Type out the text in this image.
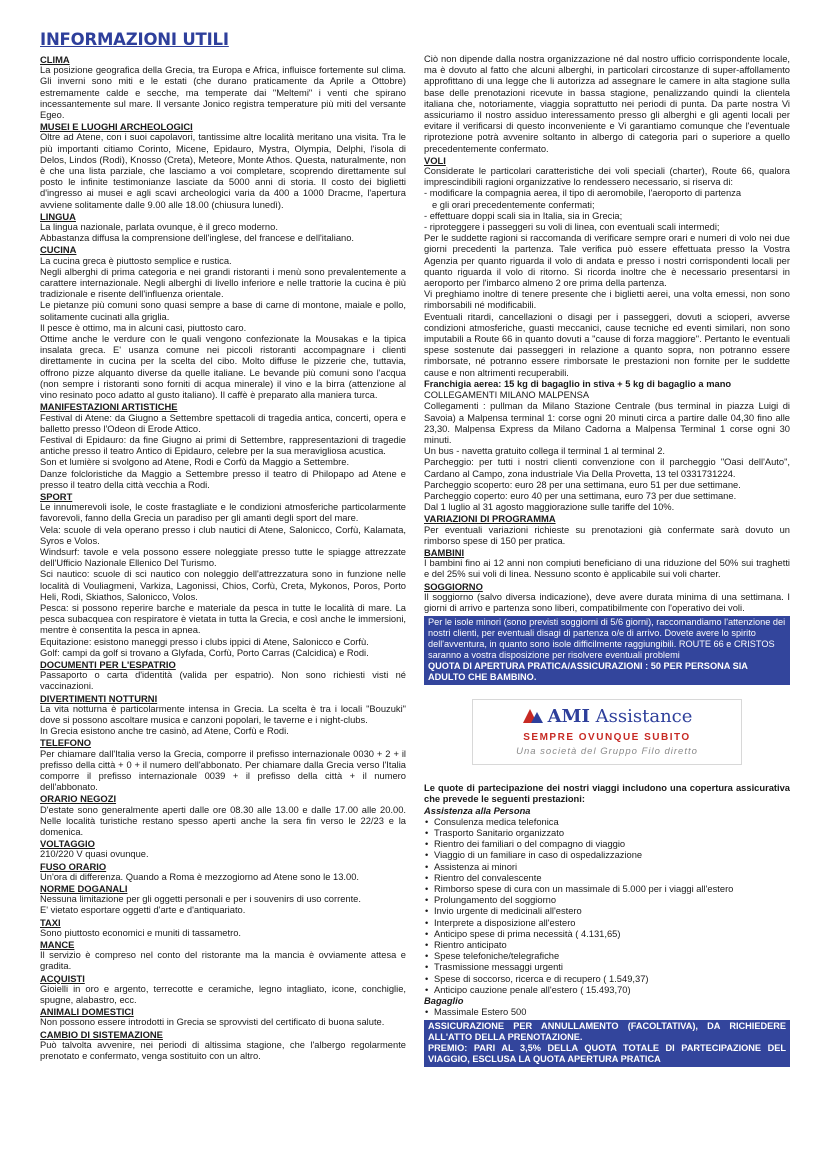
INFORMAZIONI UTILI
CLIMA

La posizione geografica della Grecia, tra Europa e Africa, influisce fortemente sul clima. Gli inverni sono miti e le estati (che durano praticamente da Aprile a Ottobre) estremamente calde e secche, ma temperate dai "Meltemi" i venti che spirano incessantemente sul mare. Il versante Jonico registra temperature più miti del versante Egeo.

MUSEI E LUOGHI ARCHEOLOGICI

Oltre ad Atene, con i suoi capolavori, tantissime altre località meritano una visita. Tra le più importanti citiamo Corinto, Micene, Epidauro, Mystra, Olympia, Delphi, l'isola di Delos, Lindos (Rodi), Knosso (Creta), Meteore, Monte Athos. Questa, naturalmente, non è che una lista parziale, che lasciamo a voi completare, scoprendo direttamente sul posto le infinite testimonianze lasciate da 5000 anni di storia. Il costo dei biglietti d'ingresso ai musei e agli scavi archeologici varia da 400 a 1000 Dracme, l'apertura avviene solitamente dalle 9.00 alle 18.00 (chiusura lunedì).

LINGUA

La lingua nazionale, parlata ovunque, è il greco moderno.

Abbastanza diffusa la comprensione dell'inglese, del francese e dell'italiano.

CUCINA

La cucina greca è piuttosto semplice e rustica.

Negli alberghi di prima categoria e nei grandi ristoranti i menù sono prevalentemente a carattere internazionale. Negli alberghi di livello inferiore e nelle trattorie la cucina è più tradizionale e risente dell'influenza orientale.

Le pietanze più comuni sono quasi sempre a base di carne di montone, maiale e pollo, solitamente cucinati alla griglia.

Il pesce è ottimo, ma in alcuni casi, piuttosto caro.

Ottime anche le verdure con le quali vengono confezionate la Mousakas e la tipica insalata greca. E' usanza comune nei piccoli ristoranti accompagnare i clienti direttamente in cucina per la scelta del cibo. Molto diffuse le pizzerie che, tuttavia, offrono pizze alquanto diverse da quelle italiane. Le bevande più comuni sono l'acqua (non sempre i ristoranti sono forniti di acqua minerale) il vino e la birra (attenzione al vino resinato poco adatto al gusto italiano). Il caffè è preparato alla maniera turca.

MANIFESTAZIONI ARTISTICHE

Festival di Atene: da Giugno a Settembre spettacoli di tragedia antica, concerti, opera e balletto presso l'Odeon di Erode Attico.

Festival di Epidauro: da fine Giugno ai primi di Settembre, rappresentazioni di tragedie antiche presso il teatro Antico di Epidauro, celebre per la sua meravigliosa acustica.

Son et lumière si svolgono ad Atene, Rodi e Corfù da Maggio a Settembre.

Danze folcloristiche da Maggio a Settembre presso il teatro di Philopapo ad Atene e presso il teatro della città vecchia a Rodi.

SPORT

Le innumerevoli isole, le coste frastagliate e le condizioni atmosferiche particolarmente favorevoli, fanno della Grecia un paradiso per gli amanti degli sport del mare.

Vela: scuole di vela operano presso i club nautici di Atene, Salonicco, Corfù, Kalamata, Syros e Volos.

Windsurf: tavole e vela possono essere noleggiate presso tutte le spiagge attrezzate dell'Ufficio Nazionale Ellenico Del Turismo.

Sci nautico: scuole di sci nautico con noleggio dell'attrezzatura sono in funzione nelle località di Vouliagmeni, Varkiza, Lagonissi, Chios, Corfù, Creta, Mykonos, Poros, Porto Heli, Rodi, Skiathos, Salonicco, Volos.

Pesca: si possono reperire barche e materiale da pesca in tutte le località di mare. La pesca subacquea con respiratore è vietata in tutta la Grecia, e così anche le immersioni, mentre è consentita la pesca in apnea.

Equitazione: esistono maneggi presso i clubs ippici di Atene, Salonicco e Corfù.

Golf: campi da golf si trovano a Glyfada, Corfù, Porto Carras (Calcidica) e Rodi.

DOCUMENTI PER L'ESPATRIO

Passaporto o carta d'identità (valida per espatrio). Non sono richiesti visti né vaccinazioni.

DIVERTIMENTI NOTTURNI

La vita notturna è particolarmente intensa in Grecia. La scelta è tra i locali "Bouzuki" dove si possono ascoltare musica e canzoni popolari, le taverne e i night-clubs.

In Grecia esistono anche tre casinò, ad Atene, Corfù e Rodi.

TELEFONO

Per chiamare dall'Italia verso la Grecia, comporre il prefisso internazionale 0030 + 2 + il prefisso della città + 0 + il numero dell'abbonato. Per chiamare dalla Grecia verso l'Italia comporre il prefisso internazionale 0039 + il prefisso della città + il numero dell'abbonato.

ORARIO NEGOZI

D'estate sono generalmente aperti dalle ore 08.30 alle 13.00 e dalle 17.00 alle 20.00. Nelle località turistiche restano spesso aperti anche la sera fin verso le 22/23 e la domenica.

VOLTAGGIO

210/220 V quasi ovunque.

FUSO ORARIO

Un'ora di differenza. Quando a Roma è mezzogiorno ad Atene sono le 13.00.

NORME DOGANALI

Nessuna limitazione per gli oggetti personali e per i souvenirs di uso corrente.

E' vietato esportare oggetti d'arte e d'antiquariato.

TAXI

Sono piuttosto economici e muniti di tassametro.

MANCE

Il servizio è compreso nel conto del ristorante ma la mancia è ovviamente attesa e gradita.

ACQUISTI

Gioielli in oro e argento, terrecotte e ceramiche, legno intagliato, icone, conchiglie, spugne, alabastro, ecc.

ANIMALI DOMESTICI

Non possono essere introdotti in Grecia se sprovvisti del certificato di buona salute.

CAMBIO DI SISTEMAZIONE

Può talvolta avvenire, nei periodi di altissima stagione, che l'albergo regolarmente prenotato e confermato, venga sostituito con un altro.

Ciò non dipende dalla nostra organizzazione né dal nostro ufficio corrispondente locale, ma è dovuto al fatto che alcuni alberghi, in particolari circostanze di super-affollamento approfittano di una legge che li autorizza ad assegnare le camere in alta stagione sulla base delle prenotazioni ricevute in bassa stagione, penalizzando quindi la clientela italiana che, notoriamente, viaggia soprattutto nei periodi di punta. Da parte nostra Vi assicuriamo il nostro assiduo interessamento presso gli alberghi e gli agenti locali per evitare il verificarsi di questo inconveniente e Vi garantiamo comunque che l'eventuale riprotezione potrà avvenire soltanto in albergo di categoria pari o superiore a quello precedentemente confermato.

VOLI

Considerate le particolari caratteristiche dei voli speciali (charter), Route 66, qualora imprescindibili ragioni organizzative lo rendessero necessario, si riserva di:

- modificare la compagnia aerea, il tipo di aeromobile, l'aeroporto di partenza

e gli orari precedentemente confermati;

- effettuare doppi scali sia in Italia, sia in Grecia;

- riproteggere i passeggeri su voli di linea, con eventuali scali intermedi;

Per le suddette ragioni si raccomanda di verificare sempre orari e numeri di volo nei due giorni precedenti la partenza. Tale verifica può essere effettuata presso la Vostra Agenzia per quanto riguarda il volo di andata e presso i nostri corrispondenti locali per quanto riguarda il volo di ritorno. Si ricorda inoltre che è necessario presentarsi in aeroporto per l'imbarco almeno 2 ore prima della partenza.

Vi preghiamo inoltre di tenere presente che i biglietti aerei, una volta emessi, non sono rimborsabili né modificabili.

Eventuali ritardi, cancellazioni o disagi per i passeggeri, dovuti a scioperi, avverse condizioni atmosferiche, guasti meccanici, cause tecniche ed eventi similari, non sono imputabili a Route 66 in quanto dovuti a "cause di forza maggiore". Pertanto le eventuali spese sostenute dai passeggeri in relazione a quanto sopra, non potranno essere rimborsate, né potranno essere rimborsate le prestazioni non fornite per le suddette cause e non altrimenti recuperabili.

Franchigia aerea: 15 kg di bagaglio in stiva + 5 kg di bagaglio a mano

COLLEGAMENTI MILANO MALPENSA

Collegamenti : pullman da Milano Stazione Centrale (bus terminal in piazza Luigi di Savoia) a Malpensa terminal 1: corse ogni 20 minuti circa a partire dalle 04,30 fino alle 23,30. Malpensa Express da Milano Cadorna a Malpensa Terminal 1 corse ogni 30 minuti.

Un bus - navetta gratuito collega il terminal 1 al terminal 2.

Parcheggio: per tutti i nostri clienti convenzione con il parcheggio "Oasi dell'Auto", Cardano al Campo, zona industriale Via Della Provetta, 13 tel 0331731224.

Parcheggio scoperto: euro 28 per una settimana, euro 51 per due settimane.

Parcheggio coperto: euro 40 per una settimana, euro 73 per due settimane.

Dal 1 luglio al 31 agosto maggiorazione sulle tariffe del 10%.

VARIAZIONI DI PROGRAMMA

Per eventuali variazioni richieste su prenotazioni già confermate sarà dovuto un rimborso spese di 150 per pratica.

BAMBINI

I bambini fino ai 12 anni non compiuti beneficiano di una riduzione del 50% sui traghetti e del 25% sui voli di linea. Nessuno sconto è applicabile sui voli charter.

SOGGIORNO

Il soggiorno (salvo diversa indicazione), deve avere durata minima di una settimana. I giorni di arrivo e partenza sono liberi, compatibilmente con l'operativo dei voli.

Per le isole minori (sono previsti soggiorni di 5/6 giorni), raccomandiamo l'attenzione dei nostri clienti, per eventuali disagi di partenza o/e di arrivo. Dovete avere lo spirito dell'avventura, in quanto sono isole difficilmente raggiungibili. ROUTE 66 e CRISTOS saranno a vostra disposizione per risolvere eventuali problemi

QUOTA DI APERTURA PRATICA/ASSICURAZIONI : 50 PER PERSONA SIA ADULTO CHE BAMBINO.

AMI Assistance
SEMPRE OVUNQUE SUBITO
Una società del Gruppo Filo diretto

Le quote di partecipazione dei nostri viaggi includono una copertura assicurativa che prevede le seguenti prestazioni:

Assistenza alla Persona

• Consulenza medica telefonica
• Trasporto Sanitario organizzato
• Rientro dei familiari o del compagno di viaggio
• Viaggio di un familiare in caso di ospedalizzazione
• Assistenza ai minori
• Rientro del convalescente
• Rimborso spese di cura con un massimale di 5.000 per i viaggi all'estero
• Prolungamento del soggiorno
• Invio urgente di medicinali all'estero
• Interprete a disposizione all'estero
• Anticipo spese di prima necessità ( 4.131,65)
• Rientro anticipato
• Spese telefoniche/telegrafiche
• Trasmissione messaggi urgenti
• Spese di soccorso, ricerca e di recupero ( 1.549,37)
• Anticipo cauzione penale all'estero ( 15.493,70)

Bagaglio

• Massimale Estero 500

ASSICURAZIONE PER ANNULLAMENTO (FACOLTATIVA), DA RICHIEDERE ALL'ATTO DELLA PRENOTAZIONE.

PREMIO: PARI AL 3,5% DELLA QUOTA TOTALE DI PARTECIPAZIONE DEL VIAGGIO, ESCLUSA LA QUOTA APERTURA PRATICA
